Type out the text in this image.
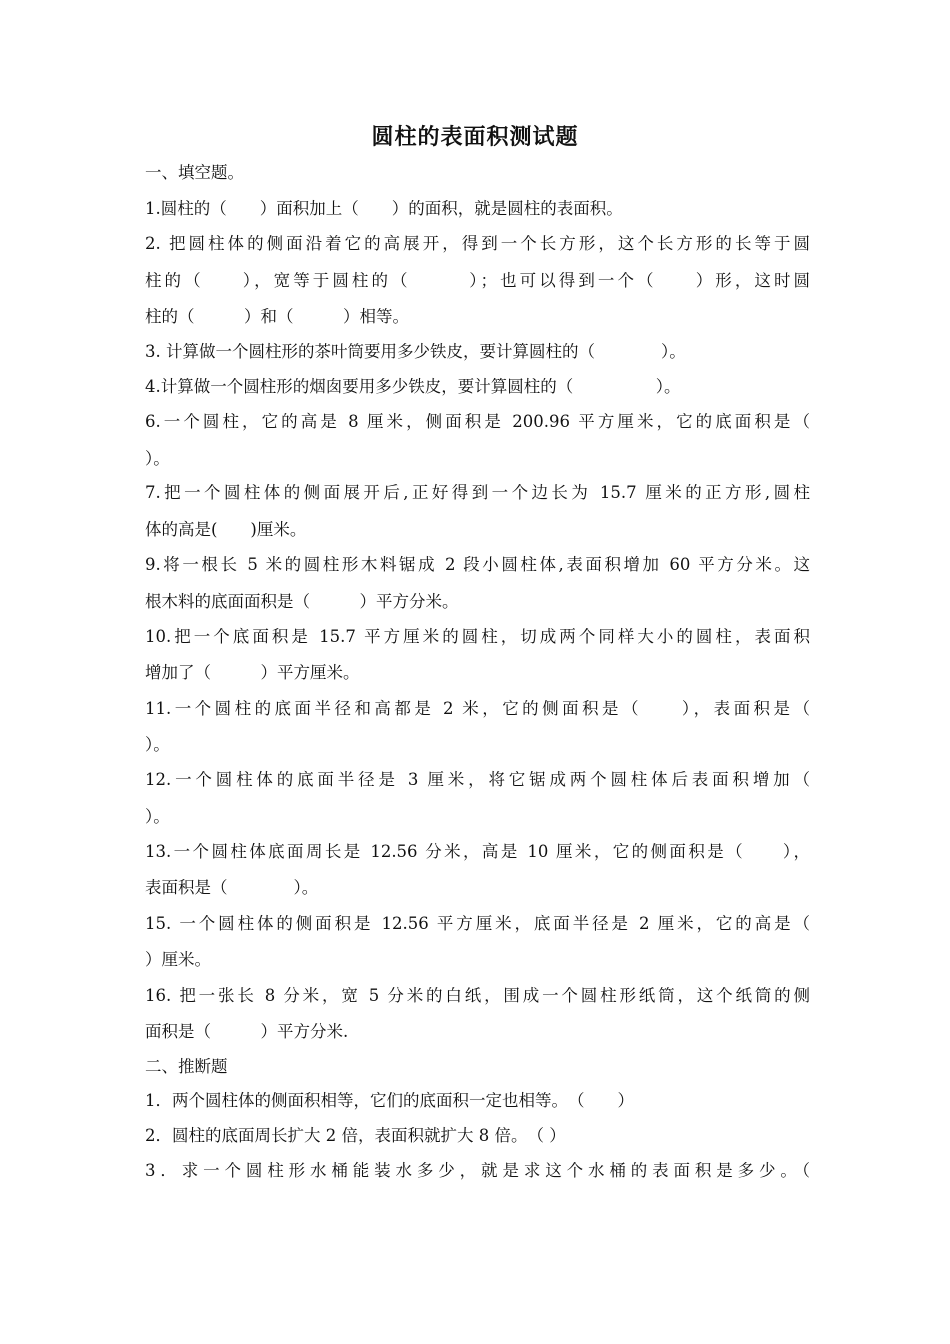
圆柱的表面积测试题
一、填空题。
1.圆柱的（　　）面积加上（　　）的面积，就是圆柱的表面积。
2. 把圆柱体的侧面沿着它的高展开，得到一个长方形，这个长方形的长等于圆
柱的（　　），宽等于圆柱的（　　　）；也可以得到一个（　　）形，这时圆
柱的（　　　）和（　　　）相等。
3. 计算做一个圆柱形的茶叶筒要用多少铁皮，要计算圆柱的（　　　　）。
4.计算做一个圆柱形的烟囱要用多少铁皮，要计算圆柱的（　　　　　）。
6.一个圆柱，它的高是 8 厘米，侧面积是 200.96 平方厘米，它的底面积是（
）。
7.把一个圆柱体的侧面展开后,正好得到一个边长为 15.7 厘米的正方形,圆柱
体的高是(　　)厘米。
9.将一根长 5 米的圆柱形木料锯成 2 段小圆柱体,表面积增加 60 平方分米。这
根木料的底面面积是（　　　）平方分米。
10.把一个底面积是 15.7 平方厘米的圆柱，切成两个同样大小的圆柱，表面积
增加了（　　　）平方厘米。
11.一个圆柱的底面半径和高都是 2 米，它的侧面积是（　　），表面积是（
）。
12.一个圆柱体的底面半径是 3 厘米，将它锯成两个圆柱体后表面积增加（
）。
13.一个圆柱体底面周长是 12.56 分米，高是 10 厘米，它的侧面积是（　　），
表面积是（　　　　）。
15. 一个圆柱体的侧面积是 12.56 平方厘米，底面半径是 2 厘米，它的高是（
）厘米。
16. 把一张长 8 分米，宽 5 分米的白纸，围成一个圆柱形纸筒，这个纸筒的侧
面积是（　　　）平方分米.
二、推断题
1．两个圆柱体的侧面积相等，它们的底面积一定也相等。　（　　）
2．圆柱的底面周长扩大 2 倍，表面积就扩大 8 倍。　（ ）
3．求一个圆柱形水桶能装水多少，就是求这个水桶的表面积是多少。（
